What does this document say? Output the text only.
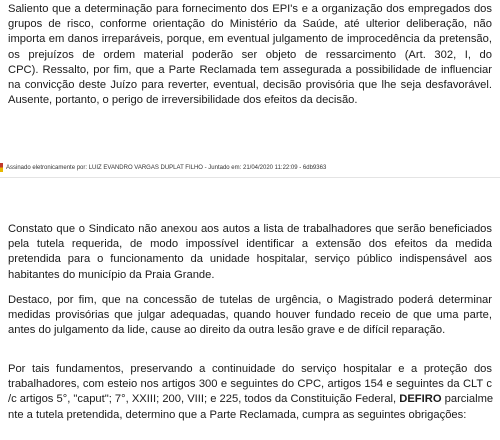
Saliento que a determinação para fornecimento dos EPI's e a organização dos empregados dos
grupos de risco, conforme orientação do Ministério da Saúde, até ulterior deliberação, não
importa em danos irreparáveis, porque, em eventual julgamento de improcedência da pretensão,
os prejuízos de ordem material poderão ser objeto de ressarcimento (Art. 302, I, do
CPC). Ressalto, por fim, que a Parte Reclamada tem assegurada a possibilidade de influenciar
na convicção deste Juízo para reverter, eventual, decisão provisória que lhe seja desfavorável.
Ausente, portanto, o perigo de irreversibilidade dos efeitos da decisão.
Assinado eletronicamente por: LUIZ EVANDRO VARGAS DUPLAT FILHO - Juntado em: 21/04/2020 11:22:09 - 6db9363
Constato que o Sindicato não anexou aos autos a lista de trabalhadores que serão beneficiados
pela tutela requerida, de modo impossível identificar a extensão dos efeitos da medida
pretendida para o funcionamento da unidade hospitalar, serviço público indispensável aos
habitantes do município da Praia Grande.
Destaco, por fim, que na concessão de tutelas de urgência, o Magistrado poderá determinar
medidas provisórias que julgar adequadas, quando houver fundado receio de que uma parte,
antes do julgamento da lide, cause ao direito da outra lesão grave e de difícil reparação.
Por tais fundamentos, preservando a continuidade do serviço hospitalar e a proteção dos
trabalhadores, com esteio nos artigos 300 e seguintes do CPC, artigos 154 e seguintes da CLT c
/c artigos 5°, "caput"; 7°, XXIII; 200, VIII; e 225, todos da Constituição Federal, DEFIRO parcialme
nte a tutela pretendida, determino que a Parte Reclamada, cumpra as seguintes obrigações:
